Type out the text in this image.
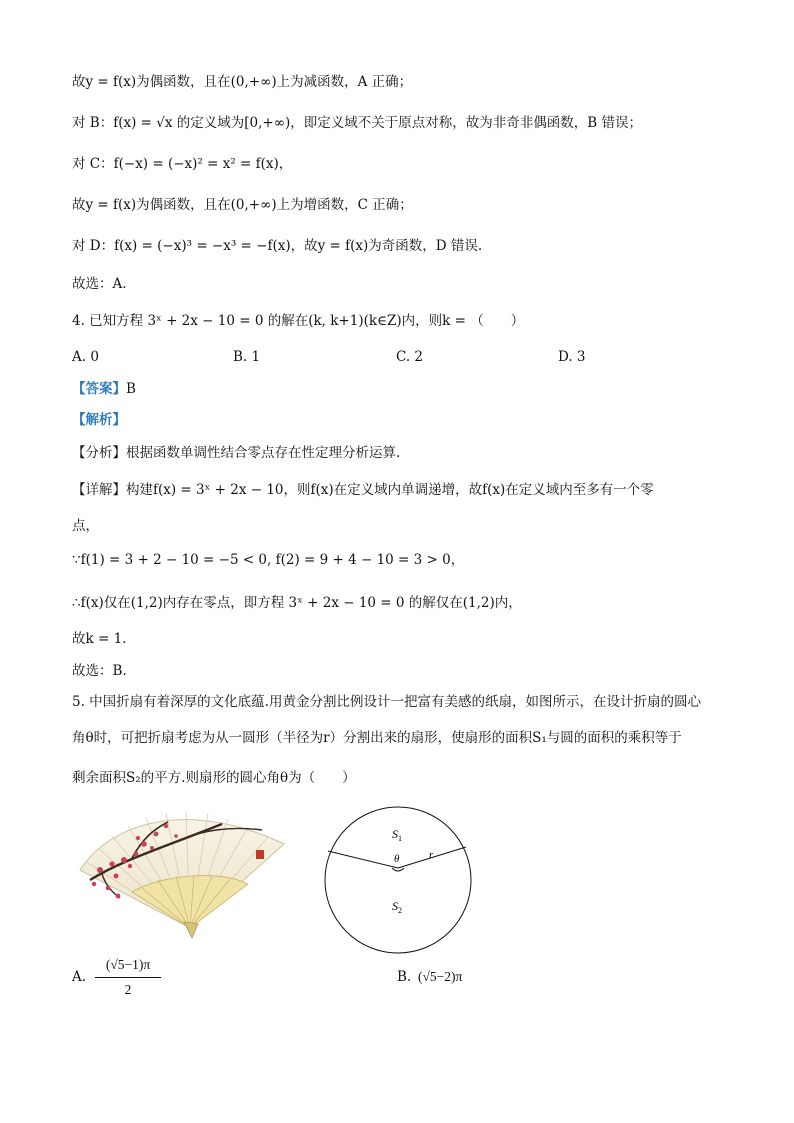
故y = f(x)为偶函数，且在(0,+∞)上为减函数，A 正确；
对 B：f(x) = √x 的定义域为[0,+∞)，即定义域不关于原点对称，故为非奇非偶函数，B 错误；
对 C：f(−x) = (−x)² = x² = f(x)，
故y = f(x)为偶函数，且在(0,+∞)上为增函数，C 正确；
对 D：f(x) = (−x)³ = −x³ = −f(x)，故y = f(x)为奇函数，D 错误.
故选：A.
4. 已知方程 3ˣ + 2x − 10 = 0 的解在(k, k+1)(k∈Z)内，则k = （　　）
A. 0	B. 1	C. 2	D. 3
【答案】B
【解析】
【分析】根据函数单调性结合零点存在性定理分析运算.
【详解】构建f(x) = 3ˣ + 2x − 10，则f(x)在定义域内单调递增，故f(x)在定义域内至多有一个零
点，
∵f(1) = 3 + 2 − 10 = −5 < 0, f(2) = 9 + 4 − 10 = 3 > 0，
∴f(x)仅在(1,2)内存在零点，即方程 3ˣ + 2x − 10 = 0 的解仅在(1,2)内，
故k = 1.
故选：B.
5. 中国折扇有着深厚的文化底蕴.用黄金分割比例设计一把富有美感的纸扇，如图所示，在设计折扇的圆心
角θ时，可把折扇考虑为从一圆形（半径为r）分割出来的扇形，使扇形的面积S₁与圆的面积的乘积等于
剩余面积S₂的平方.则扇形的圆心角θ为（　　）
$S_1$
θ	r
$S_2$
A. $\frac{(√5-1)\pi}{2}$	B. (√5−2)π
